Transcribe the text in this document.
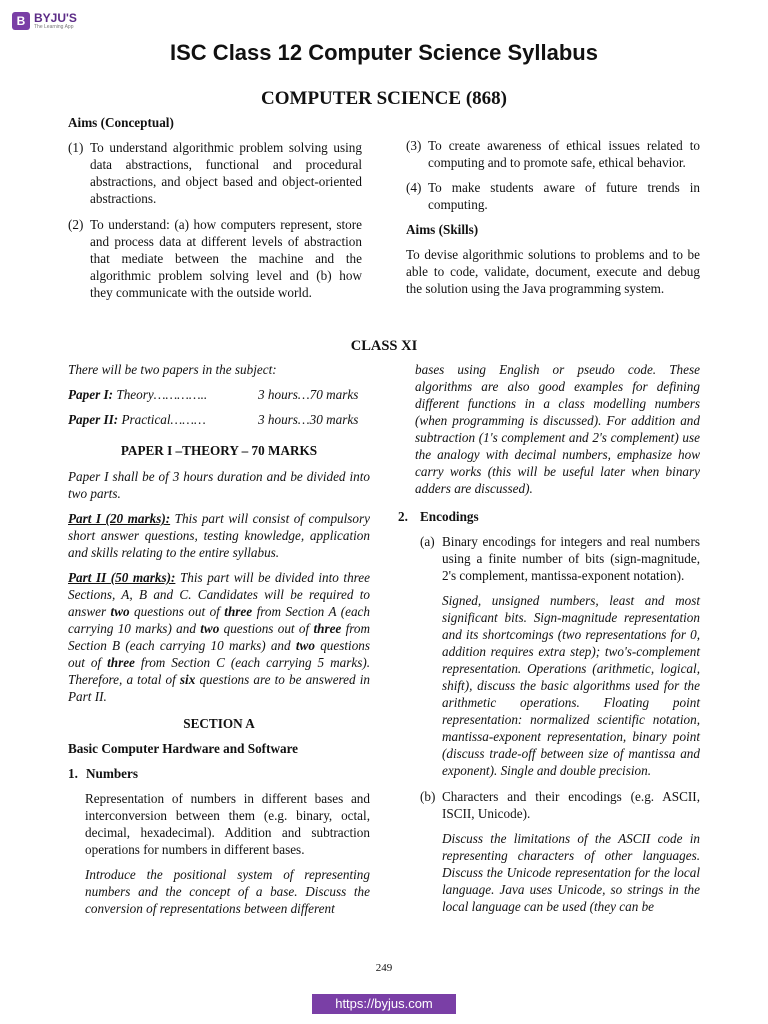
B BYJU'S
The Learning App
ISC Class 12 Computer Science Syllabus
COMPUTER SCIENCE (868)

Aims (Conceptual)

(1) To understand algorithmic problem solving using data abstractions, functional and procedural abstractions, and object based and object-oriented abstractions.
(2) To understand: (a) how computers represent, store and process data at different levels of abstraction that mediate between the machine and the algorithmic problem solving level and (b) how they communicate with the outside world.
(3) To create awareness of ethical issues related to computing and to promote safe, ethical behavior.
(4) To make students aware of future trends in computing.

Aims (Skills)

To devise algorithmic solutions to problems and to be able to code, validate, document, execute and debug the solution using the Java programming system.

CLASS XI

There will be two papers in the subject:

Paper I: Theory…………..	3 hours…70 marks
Paper II: Practical………	3 hours…30 marks

PAPER I –THEORY – 70 MARKS

Paper I shall be of 3 hours duration and be divided into two parts.

Part I (20 marks): This part will consist of compulsory short answer questions, testing knowledge, application and skills relating to the entire syllabus.

Part II (50 marks): This part will be divided into three Sections, A, B and C. Candidates will be required to answer two questions out of three from Section A (each carrying 10 marks) and two questions out of three from Section B (each carrying 10 marks) and two questions out of three from Section C (each carrying 5 marks). Therefore, a total of six questions are to be answered in Part II.

SECTION A

Basic Computer Hardware and Software

1. Numbers

Representation of numbers in different bases and interconversion between them (e.g. binary, octal, decimal, hexadecimal). Addition and subtraction operations for numbers in different bases.

Introduce the positional system of representing numbers and the concept of a base. Discuss the conversion of representations between different

bases using English or pseudo code. These algorithms are also good examples for defining different functions in a class modelling numbers (when programming is discussed). For addition and subtraction (1's complement and 2's complement) use the analogy with decimal numbers, emphasize how carry works (this will be useful later when binary adders are discussed).

2. Encodings
(a) Binary encodings for integers and real numbers using a finite number of bits (sign-magnitude, 2's complement, mantissa-exponent notation).

Signed, unsigned numbers, least and most significant bits. Sign-magnitude representation and its shortcomings (two representations for 0, addition requires extra step); two's-complement representation. Operations (arithmetic, logical, shift), discuss the basic algorithms used for the arithmetic operations. Floating point representation: normalized scientific notation, mantissa-exponent representation, binary point (discuss trade-off between size of mantissa and exponent). Single and double precision.

(b) Characters and their encodings (e.g. ASCII, ISCII, Unicode).

Discuss the limitations of the ASCII code in representing characters of other languages. Discuss the Unicode representation for the local language. Java uses Unicode, so strings in the local language can be used (they can be

249
https://byjus.com
